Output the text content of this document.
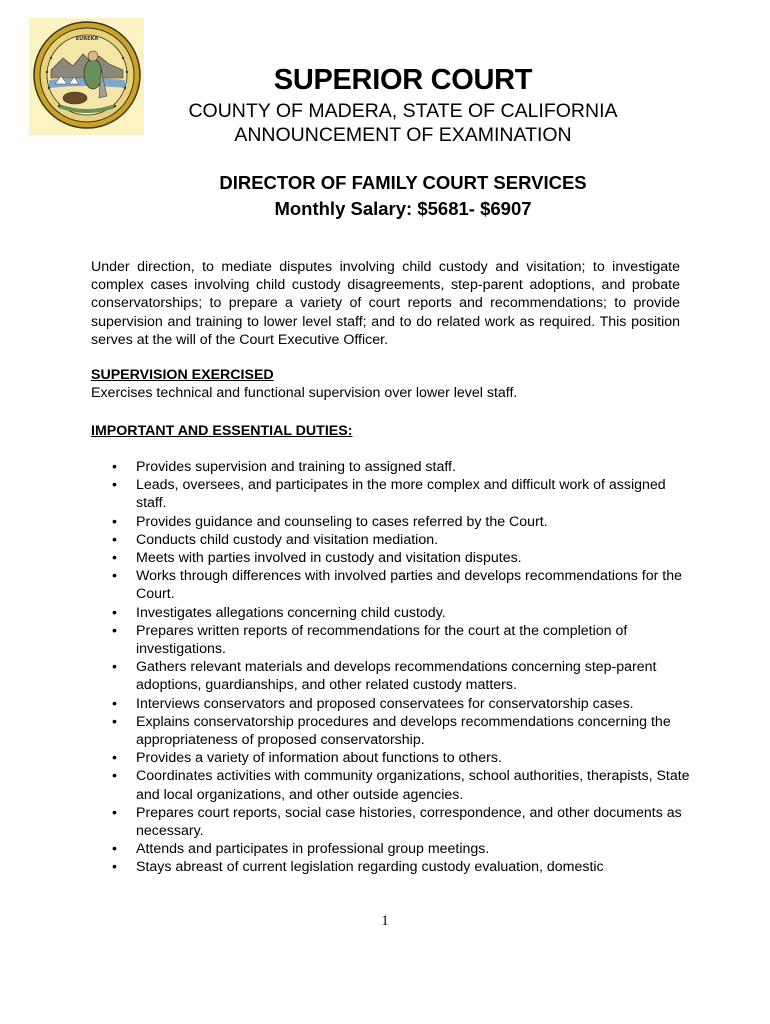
EUREKA
SUPERIOR COURT
COUNTY OF MADERA, STATE OF CALIFORNIA
ANNOUNCEMENT OF EXAMINATION
DIRECTOR OF FAMILY COURT SERVICES
Monthly Salary: $5681- $6907

Under direction, to mediate disputes involving child custody and visitation; to investigate complex cases involving child custody disagreements, step-parent adoptions, and probate conservatorships; to prepare a variety of court reports and recommendations; to provide supervision and training to lower level staff; and to do related work as required. This position serves at the will of the Court Executive Officer.

SUPERVISION EXERCISED

Exercises technical and functional supervision over lower level staff.

IMPORTANT AND ESSENTIAL DUTIES:
• Provides supervision and training to assigned staff.
• Leads, oversees, and participates in the more complex and difficult work of assigned staff.
• Provides guidance and counseling to cases referred by the Court.
• Conducts child custody and visitation mediation.
• Meets with parties involved in custody and visitation disputes.
• Works through differences with involved parties and develops recommendations for the Court.
• Investigates allegations concerning child custody.
• Prepares written reports of recommendations for the court at the completion of investigations.
• Gathers relevant materials and develops recommendations concerning step-parent adoptions, guardianships, and other related custody matters.
• Interviews conservators and proposed conservatees for conservatorship cases.
• Explains conservatorship procedures and develops recommendations concerning the appropriateness of proposed conservatorship.
• Provides a variety of information about functions to others.
• Coordinates activities with community organizations, school authorities, therapists, State and local organizations, and other outside agencies.
• Prepares court reports, social case histories, correspondence, and other documents as necessary.
• Attends and participates in professional group meetings.
• Stays abreast of current legislation regarding custody evaluation, domestic
1
